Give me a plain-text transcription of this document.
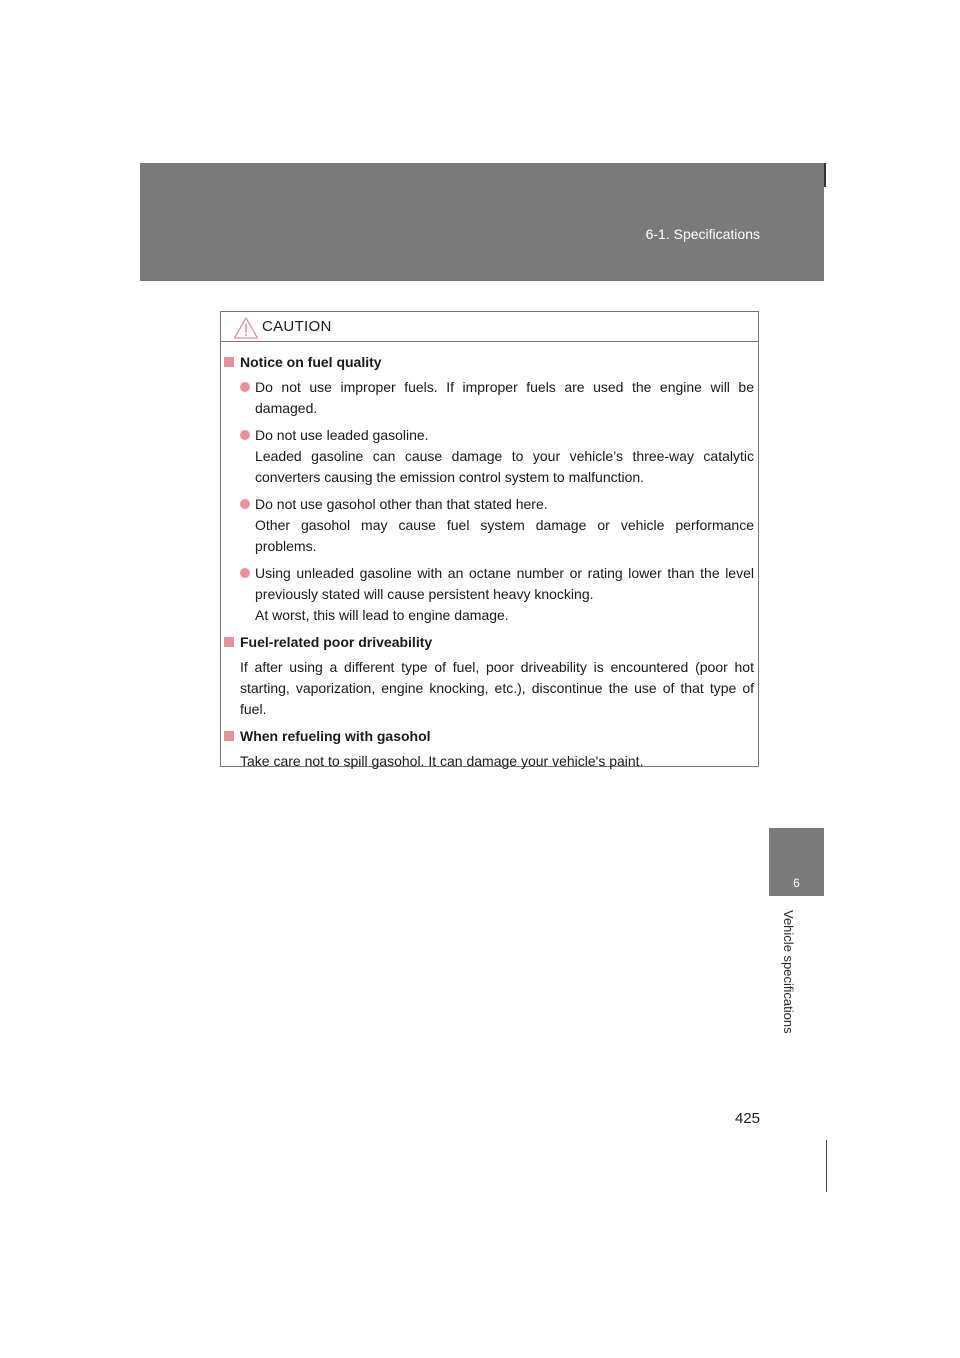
6-1. Specifications
6
Vehicle specifications
425
CAUTION
Notice on fuel quality
Do not use improper fuels. If improper fuels are used the engine will be damaged.
Do not use leaded gasoline.
Leaded gasoline can cause damage to your vehicle’s three-way catalytic converters causing the emission control system to malfunction.
Do not use gasohol other than that stated here.
Other gasohol may cause fuel system damage or vehicle performance problems.
Using unleaded gasoline with an octane number or rating lower than the level previously stated will cause persistent heavy knocking.
At worst, this will lead to engine damage.
Fuel-related poor driveability
If after using a different type of fuel, poor driveability is encountered (poor hot starting, vaporization, engine knocking, etc.), discontinue the use of that type of fuel.
When refueling with gasohol
Take care not to spill gasohol. It can damage your vehicle's paint.
